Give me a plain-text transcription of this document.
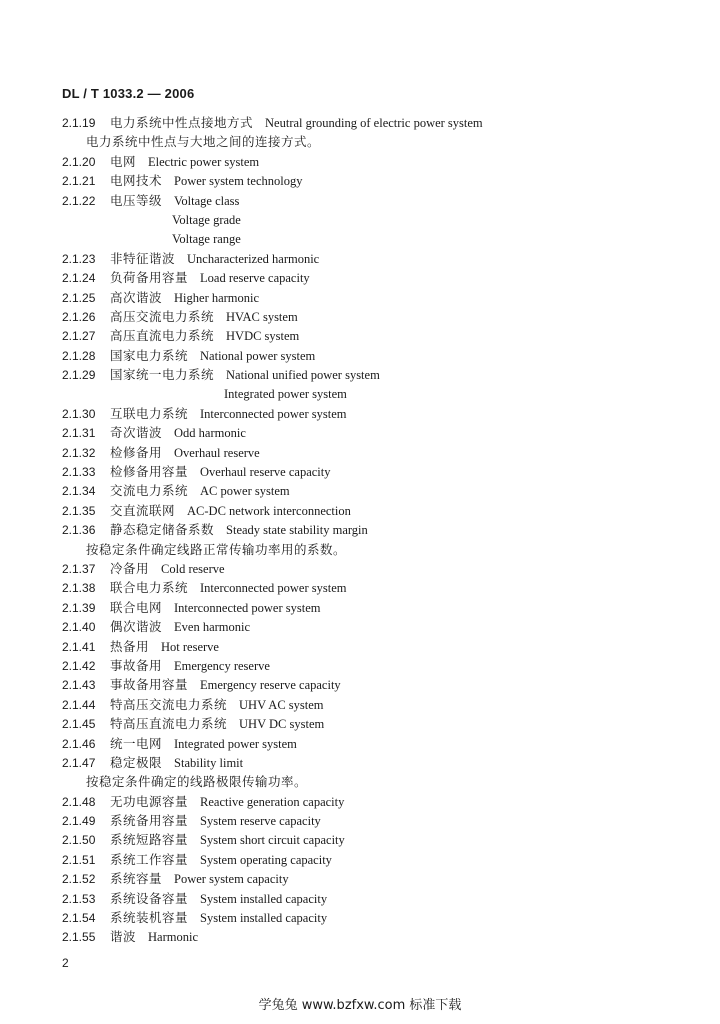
DL / T 1033.2 — 2006
2.1.19 电力系统中性点接地方式 Neutral grounding of electric power system
电力系统中性点与大地之间的连接方式。
2.1.20 电网 Electric power system
2.1.21 电网技术 Power system technology
2.1.22 电压等级 Voltage class
Voltage grade
Voltage range
2.1.23 非特征谐波 Uncharacterized harmonic
2.1.24 负荷备用容量 Load reserve capacity
2.1.25 高次谐波 Higher harmonic
2.1.26 高压交流电力系统 HVAC system
2.1.27 高压直流电力系统 HVDC system
2.1.28 国家电力系统 National power system
2.1.29 国家统一电力系统 National unified power system
Integrated power system
2.1.30 互联电力系统 Interconnected power system
2.1.31 奇次谐波 Odd harmonic
2.1.32 检修备用 Overhaul reserve
2.1.33 检修备用容量 Overhaul reserve capacity
2.1.34 交流电力系统 AC power system
2.1.35 交直流联网 AC-DC network interconnection
2.1.36 静态稳定储备系数 Steady state stability margin
按稳定条件确定线路正常传输功率用的系数。
2.1.37 冷备用 Cold reserve
2.1.38 联合电力系统 Interconnected power system
2.1.39 联合电网 Interconnected power system
2.1.40 偶次谐波 Even harmonic
2.1.41 热备用 Hot reserve
2.1.42 事故备用 Emergency reserve
2.1.43 事故备用容量 Emergency reserve capacity
2.1.44 特高压交流电力系统 UHV AC system
2.1.45 特高压直流电力系统 UHV DC system
2.1.46 统一电网 Integrated power system
2.1.47 稳定极限 Stability limit
按稳定条件确定的线路极限传输功率。
2.1.48 无功电源容量 Reactive generation capacity
2.1.49 系统备用容量 System reserve capacity
2.1.50 系统短路容量 System short circuit capacity
2.1.51 系统工作容量 System operating capacity
2.1.52 系统容量 Power system capacity
2.1.53 系统设备容量 System installed capacity
2.1.54 系统装机容量 System installed capacity
2.1.55 谐波 Harmonic
2
学兔兔 www.bzfxw.com 标准下载
